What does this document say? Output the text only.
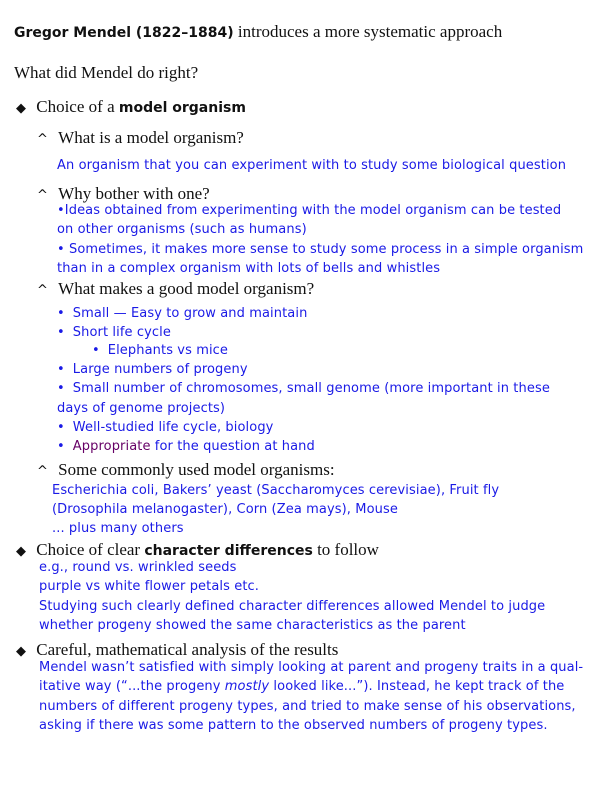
Gregor Mendel (1822–1884) introduces a more systematic approach
What did Mendel do right?
◆ Choice of a model organism
^ What is a model organism?
An organism that you can experiment with to study some biological question
^ Why bother with one?
•Ideas obtained from experimenting with the model organism can be tested
on other organisms (such as humans)
• Sometimes, it makes more sense to study some process in a simple organism
than in a complex organism with lots of bells and whistles
^ What makes a good model organism?
• Small — Easy to grow and maintain
• Short life cycle
• Elephants vs mice
• Large numbers of progeny
• Small number of chromosomes, small genome (more important in these
days of genome projects)
• Well-studied life cycle, biology
• Appropriate for the question at hand
^ Some commonly used model organisms:
Escherichia coli, Bakers’ yeast (Saccharomyces cerevisiae), Fruit fly
(Drosophila melanogaster), Corn (Zea mays), Mouse
... plus many others
◆ Choice of clear character differences to follow
e.g., round vs. wrinkled seeds
purple vs white flower petals etc.
Studying such clearly defined character differences allowed Mendel to judge
whether progeny showed the same characteristics as the parent
◆ Careful, mathematical analysis of the results
Mendel wasn’t satisfied with simply looking at parent and progeny traits in a qual-
itative way (“...the progeny mostly looked like...”). Instead, he kept track of the
numbers of different progeny types, and tried to make sense of his observations,
asking if there was some pattern to the observed numbers of progeny types.
